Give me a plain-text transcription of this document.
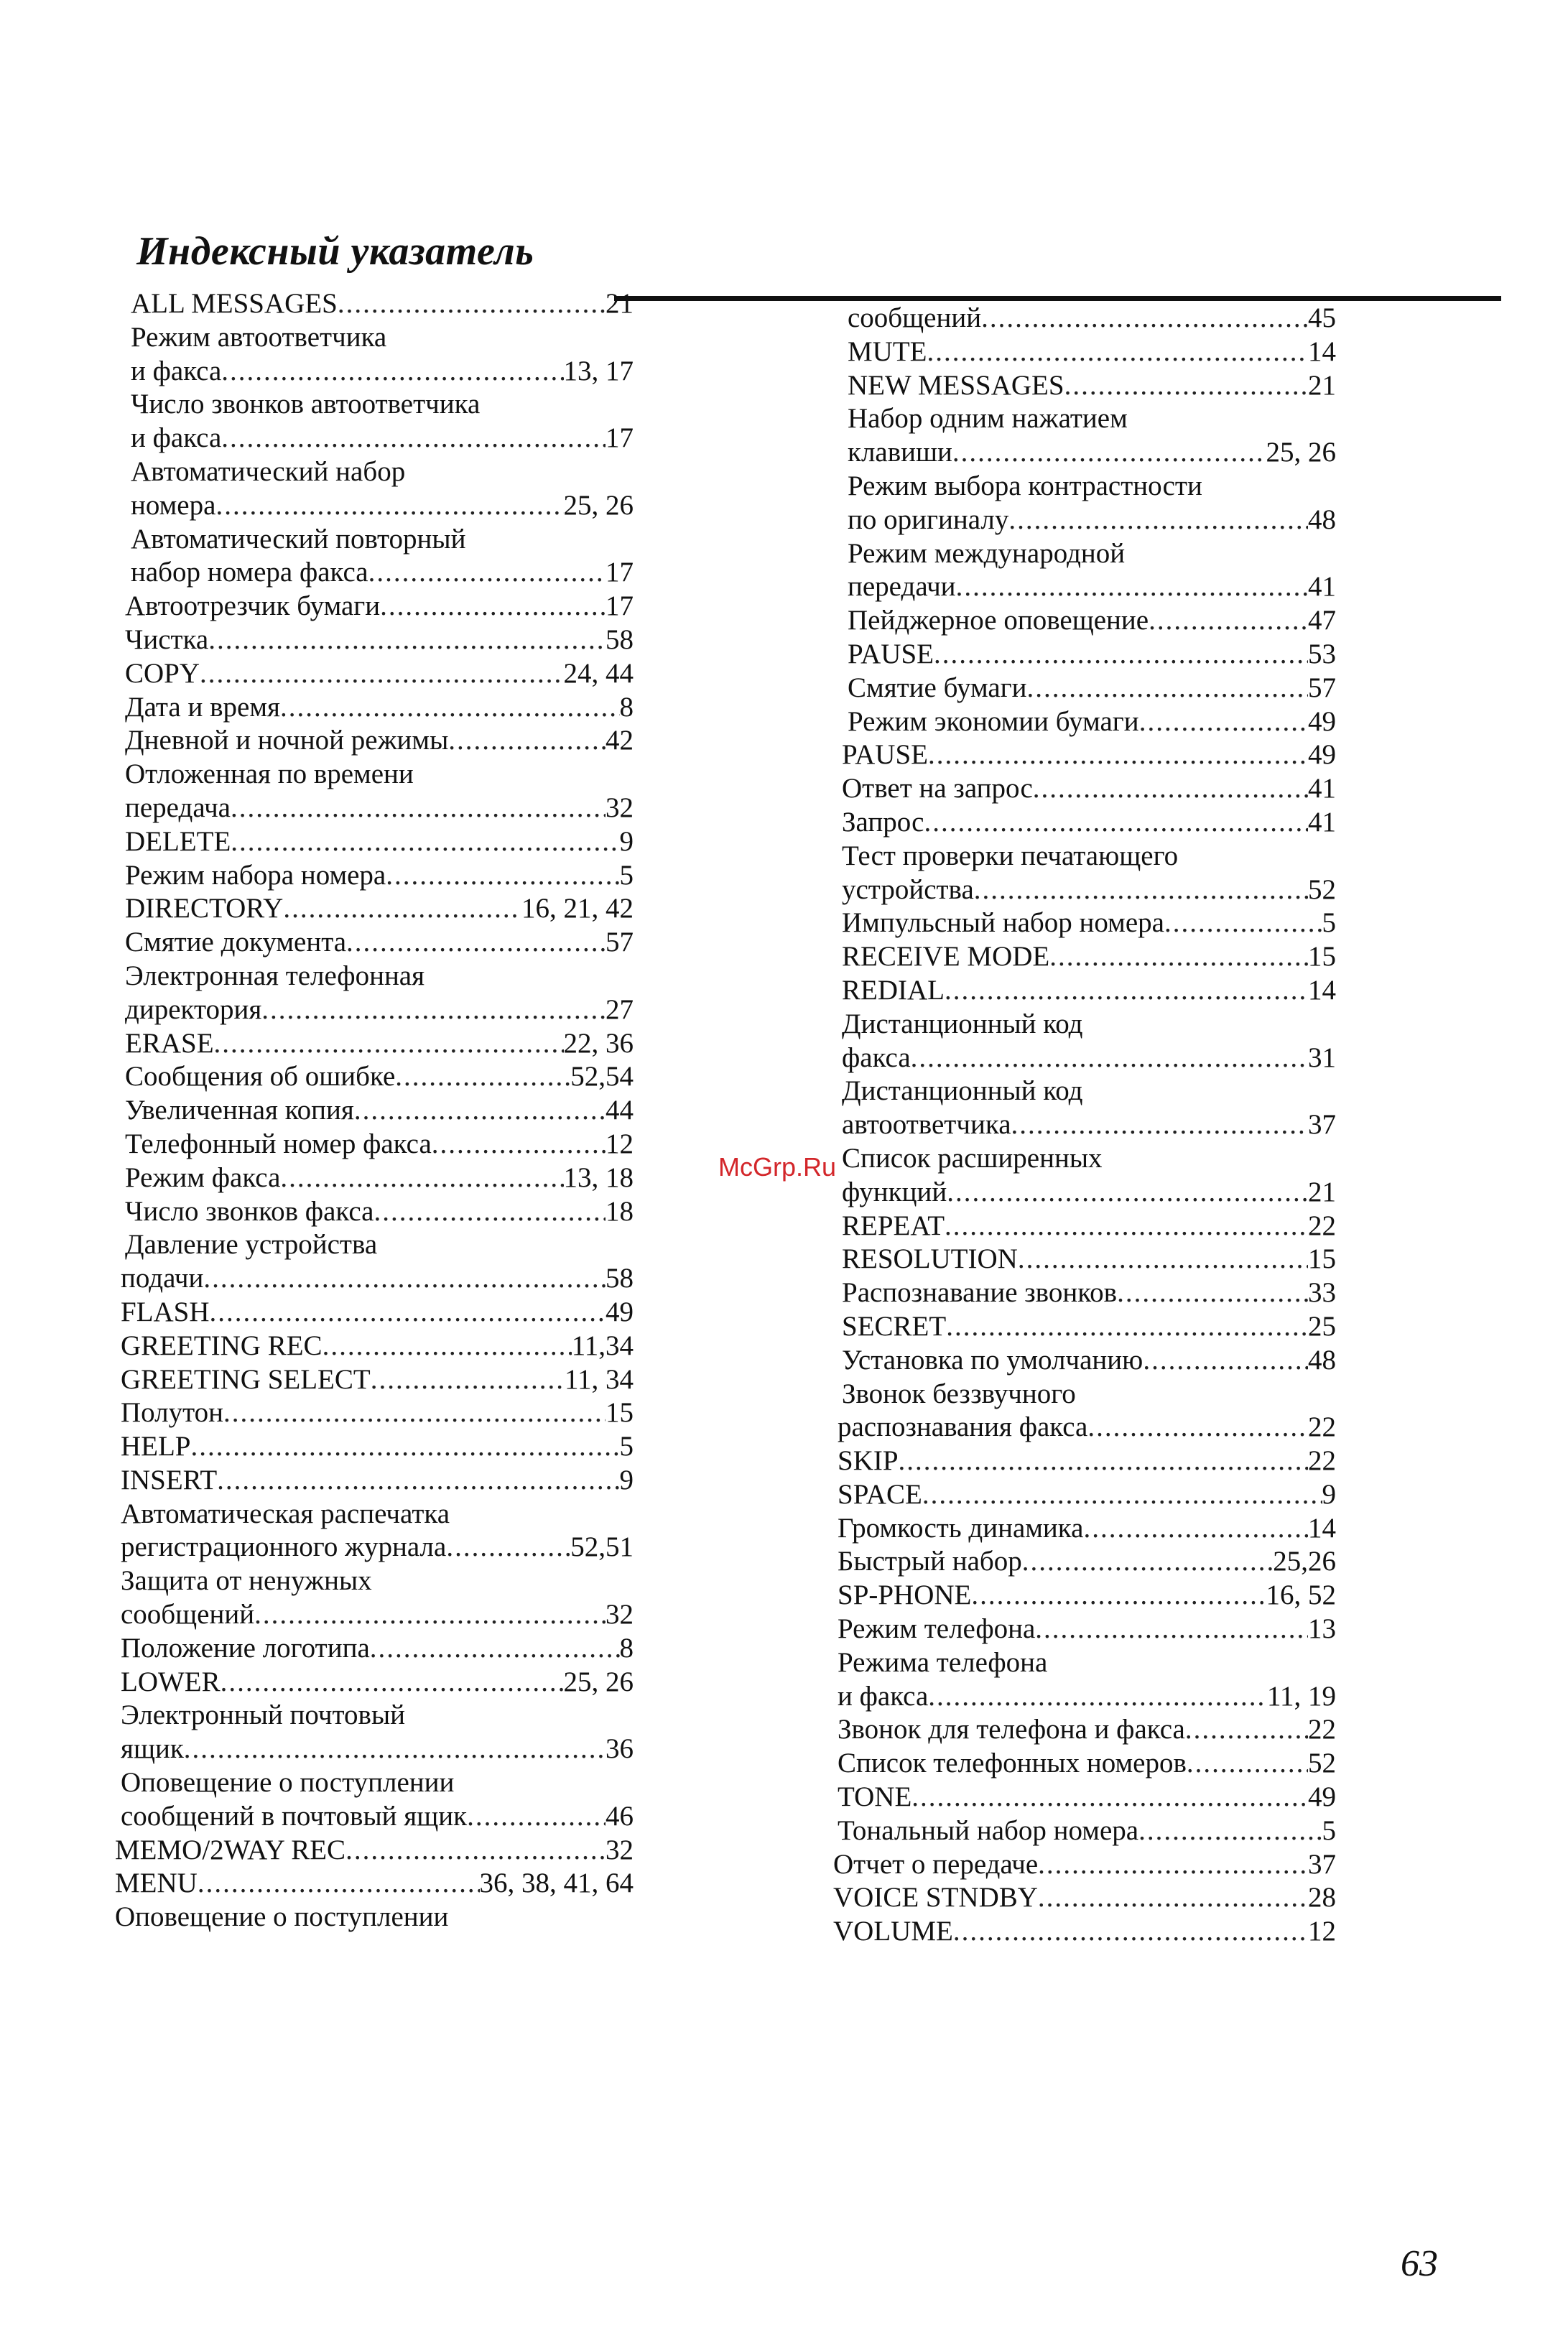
Индексный указатель
ALL MESSAGES .....	21
Режим автоответчика
и факса .....	13, 17
Число звонков автоответчика
и факса .....	17
Автоматический набор
номера .....	25, 26
Автоматический повторный
набор номера факса .....	17
Автоотрезчик бумаги .....	17
Чистка .....	58
COPY .....	24, 44
Дата и время .....	8
Дневной и ночной режимы .....	42
Отложенная по времени
передача .....	32
DELETE .....	9
Режим набора номера .....	5
DIRECTORY .....	16, 21, 42
Смятие документа .....	57
Электронная телефонная
директория .....	27
ERASE .....	22, 36
Сообщения об ошибке .....	52,54
Увеличенная копия .....	44
Телефонный номер факса .....	12
Режим факса .....	13, 18
Число звонков факса .....	18
Давление устройства
подачи .....	58
FLASH .....	49
GREETING REC .....	11,34
GREETING SELECT .....	11, 34
Полутон .....	15
HELP .....	5
INSERT .....	9
Автоматическая распечатка
регистрационного журнала .....	52,51
Защита от ненужных
сообщений .....	32
Положение логотипа .....	8
LOWER .....	25, 26
Электронный почтовый
ящик .....	36
Оповещение о поступлении
сообщений в почтовый ящик .....	46
MEMO/2WAY REC .....	32
MENU .....	36, 38, 41, 64
Оповещение о поступлении
сообщений .....	45
MUTE .....	14
NEW MESSAGES .....	21
Набор одним нажатием
клавиши .....	25, 26
Режим выбора контрастности
по оригиналу .....	48
Режим международной
передачи .....	41
Пейджерное оповещение .....	47
PAUSE .....	53
Смятие бумаги .....	57
Режим экономии бумаги .....	49
PAUSE .....	49
Ответ на запрос .....	41
Запрос .....	41
Тест проверки печатающего
устройства .....	52
Импульсный набор номера .....	5
RECEIVE MODE .....	15
REDIAL .....	14
Дистанционный код
факса .....	31
Дистанционный код
автоответчика .....	37
Список расширенных
функций .....	21
REPEAT .....	22
RESOLUTION .....	15
Распознавание звонков .....	33
SECRET .....	25
Установка по умолчанию .....	48
Звонок беззвучного
распознавания факса .....	22
SKIP .....	22
SPACE .....	9
Громкость динамика .....	14
Быстрый набор .....	25,26
SP-PHONE .....	16, 52
Режим телефона .....	13
Режима телефона
и факса .....	11, 19
Звонок для телефона и факса .....	22
Список телефонных номеров .....	52
TONE .....	49
Тональный набор номера .....	5
Отчет о передаче .....	37
VOICE STNDBY .....	28
VOLUME .....	12
McGrp.Ru
63
